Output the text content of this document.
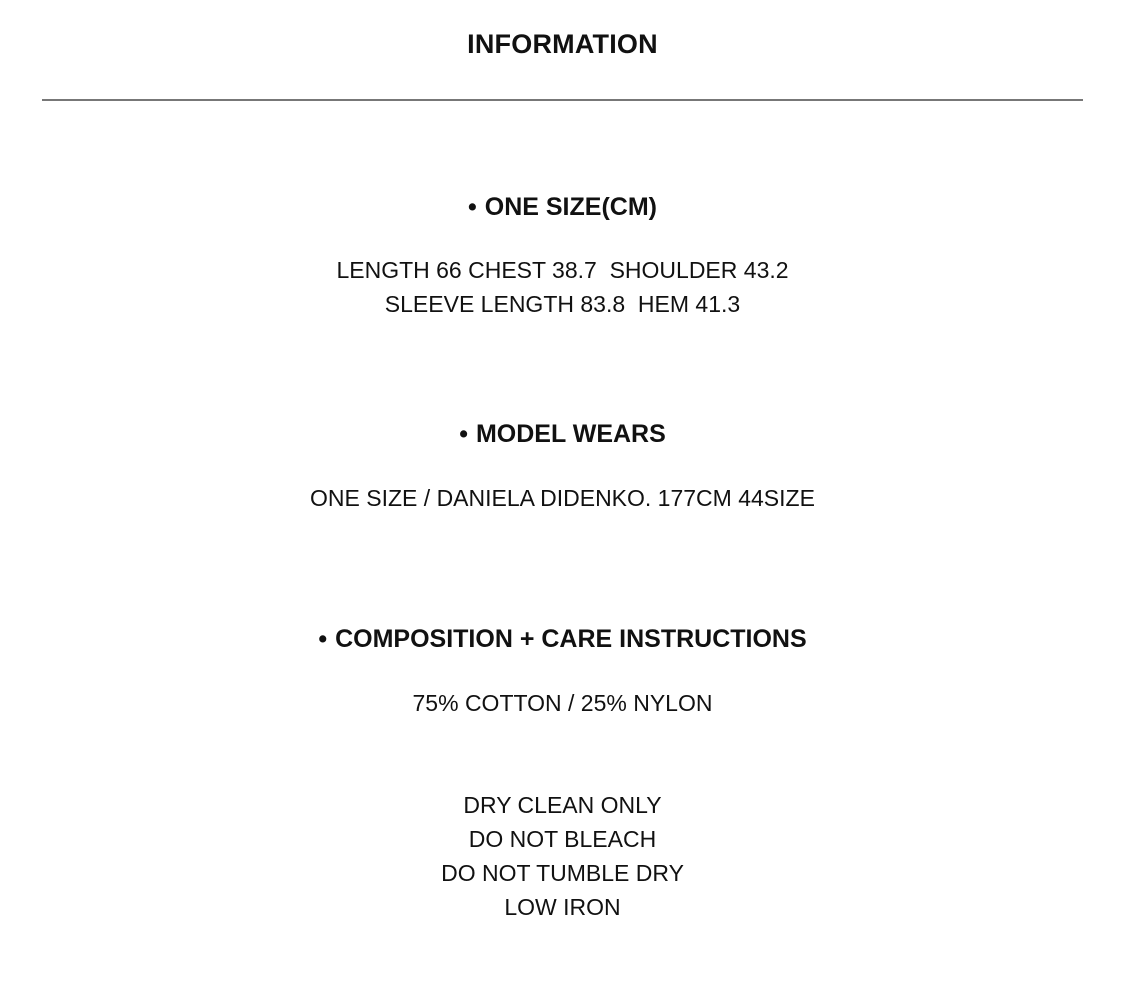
INFORMATION
• ONE SIZE(CM)
LENGTH 66 CHEST 38.7  SHOULDER 43.2
SLEEVE LENGTH 83.8  HEM 41.3
• MODEL WEARS
ONE SIZE / DANIELA DIDENKO. 177CM 44SIZE
• COMPOSITION + CARE INSTRUCTIONS
75% COTTON / 25% NYLON
DRY CLEAN ONLY
DO NOT BLEACH
DO NOT TUMBLE DRY
LOW IRON
